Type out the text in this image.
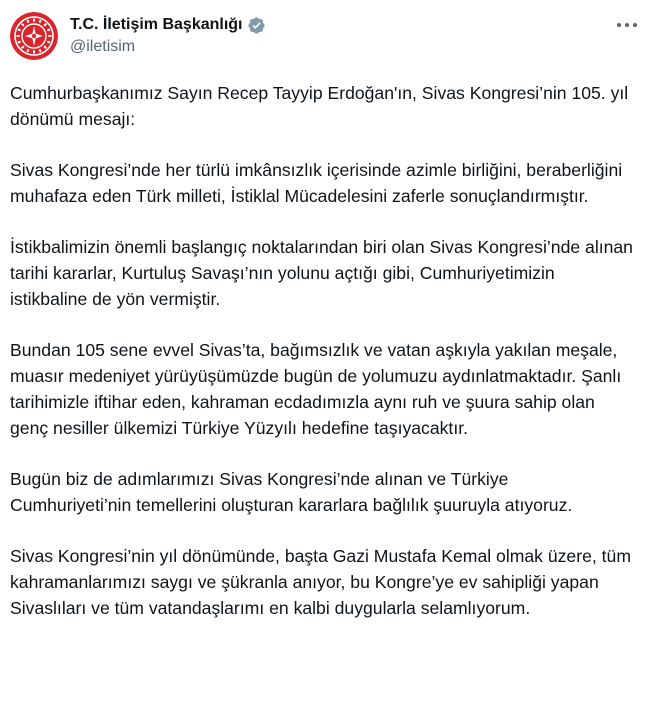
T.C. İletişim Başkanlığı
@iletisim

Cumhurbaşkanımız Sayın Recep Tayyip Erdoğan'ın, Sivas Kongresi’nin 105. yıl dönümü mesajı:

Sivas Kongresi’nde her türlü imkânsızlık içerisinde azimle birliğini, beraberliğini muhafaza eden Türk milleti, İstiklal Mücadelesini zaferle sonuçlandırmıştır.

İstikbalimizin önemli başlangıç noktalarından biri olan Sivas Kongresi’nde alınan tarihi kararlar, Kurtuluş Savaşı’nın yolunu açtığı gibi, Cumhuriyetimizin istikbaline de yön vermiştir.

Bundan 105 sene evvel Sivas’ta, bağımsızlık ve vatan aşkıyla yakılan meşale, muasır medeniyet yürüyüşümüzde bugün de yolumuzu aydınlatmaktadır. Şanlı tarihimizle iftihar eden, kahraman ecdadımızla aynı ruh ve şuura sahip olan genç nesiller ülkemizi Türkiye Yüzyılı hedefine taşıyacaktır.

Bugün biz de adımlarımızı Sivas Kongresi’nde alınan ve Türkiye Cumhuriyeti’nin temellerini oluşturan kararlara bağlılık şuuruyla atıyoruz.

Sivas Kongresi’nin yıl dönümünde, başta Gazi Mustafa Kemal olmak üzere, tüm kahramanlarımızı saygı ve şükranla anıyor, bu Kongre’ye ev sahipliği yapan Sivaslıları ve tüm vatandaşlarımı en kalbi duygularla selamlıyorum.
